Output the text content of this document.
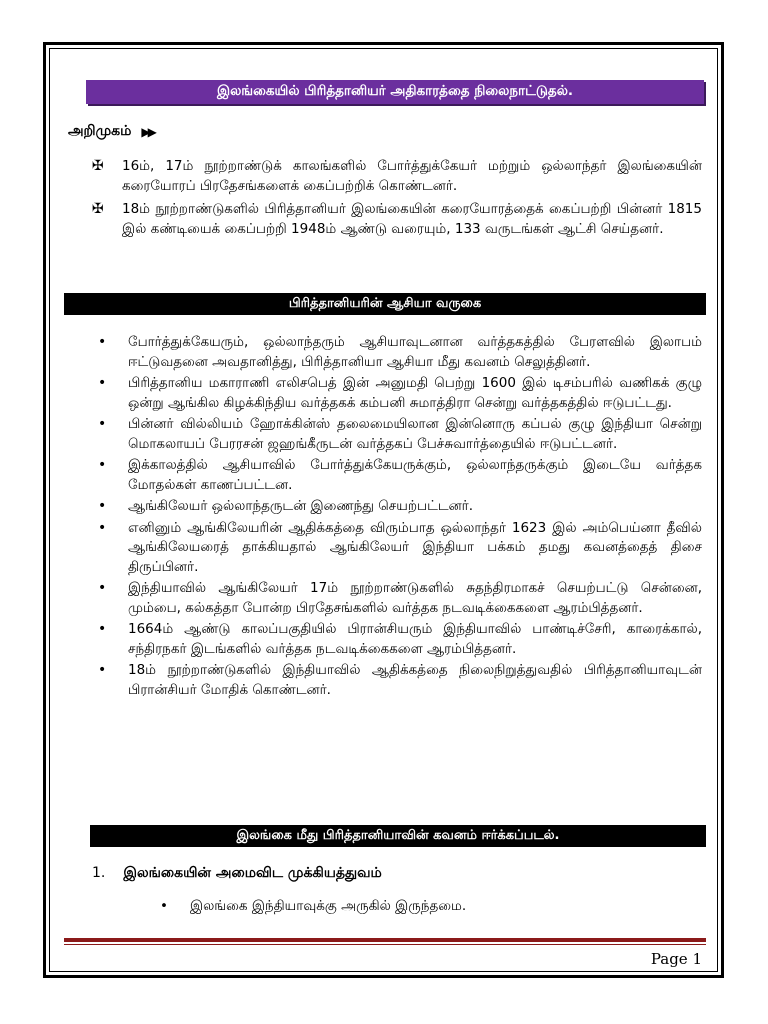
இலங்கையில் பிரித்தானியர் அதிகாரத்தை நிலைநாட்டுதல்.
அறிமுகம் ▶▶
✠ 16ம், 17ம் நூற்றாண்டுக் காலங்களில் போர்த்துக்கேயர் மற்றும் ஒல்லாந்தர் இலங்கையின் கரையோரப் பிரதேசங்களைக் கைப்பற்றிக் கொண்டனர்.
✠ 18ம் நூற்றாண்டுகளில் பிரித்தானியர் இலங்கையின் கரையோரத்தைக் கைப்பற்றி பின்னர் 1815 இல் கண்டியைக் கைப்பற்றி 1948ம் ஆண்டு வரையும், 133 வருடங்கள் ஆட்சி செய்தனர்.
பிரித்தானியரின் ஆசியா வருகை
• போர்த்துக்கேயரும், ஒல்லாந்தரும் ஆசியாவுடனான வர்த்தகத்தில் பேரளவில் இலாபம் ஈட்டுவதனை அவதானித்து, பிரித்தானியா ஆசியா மீது கவனம் செலுத்தினர்.
• பிரித்தானிய மகாராணி எலிசபெத் இன் அனுமதி பெற்று 1600 இல் டிசம்பரில் வணிகக் குழு ஒன்று ஆங்கில கிழக்கிந்திய வர்த்தகக் கம்பனி சுமாத்திரா சென்று வர்த்தகத்தில் ஈடுபட்டது.
• பின்னர் வில்லியம் ஹோக்கின்ஸ் தலைமையிலான இன்னொரு கப்பல் குழு இந்தியா சென்று மொகலாயப் பேரரசன் ஜஹங்கீருடன் வர்த்தகப் பேச்சுவார்த்தையில் ஈடுபட்டனர்.
• இக்காலத்தில் ஆசியாவில் போர்த்துக்கேயருக்கும், ஒல்லாந்தருக்கும் இடையே வர்த்தக மோதல்கள் காணப்பட்டன.
• ஆங்கிலேயர் ஒல்லாந்தருடன் இணைந்து செயற்பட்டனர்.
• எனினும் ஆங்கிலேயரின் ஆதிக்கத்தை விரும்பாத ஒல்லாந்தர் 1623 இல் அம்பெய்னா தீவில் ஆங்கிலேயரைத் தாக்கியதால் ஆங்கிலேயர் இந்தியா பக்கம் தமது கவனத்தைத் திசை திருப்பினர்.
• இந்தியாவில் ஆங்கிலேயர் 17ம் நூற்றாண்டுகளில் சுதந்திரமாகச் செயற்பட்டு சென்னை, மும்பை, கல்கத்தா போன்ற பிரதேசங்களில் வர்த்தக நடவடிக்கைகளை ஆரம்பித்தனர்.
• 1664ம் ஆண்டு காலப்பகுதியில் பிரான்சியரும் இந்தியாவில் பாண்டிச்சேரி, காரைக்கால், சந்திரநகர் இடங்களில் வர்த்தக நடவடிக்கைகளை ஆரம்பித்தனர்.
• 18ம் நூற்றாண்டுகளில் இந்தியாவில் ஆதிக்கத்தை நிலைநிறுத்துவதில் பிரித்தானியாவுடன் பிரான்சியர் மோதிக் கொண்டனர்.
இலங்கை மீது பிரித்தானியாவின் கவனம் ஈர்க்கப்படல்.
1. இலங்கையின் அமைவிட முக்கியத்துவம்
• இலங்கை இந்தியாவுக்கு அருகில் இருந்தமை.
Page 1
